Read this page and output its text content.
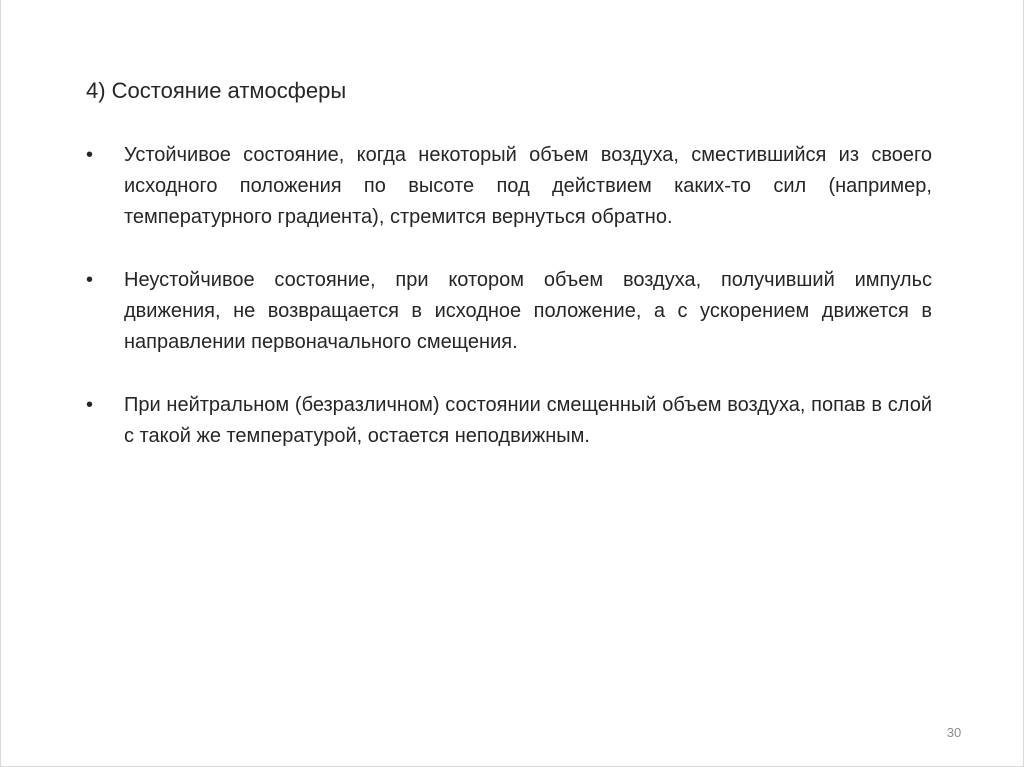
4) Состояние атмосферы
•	Устойчивое состояние, когда некоторый объем воздуха, сместившийся из своего исходного положения по высоте под действием каких-то сил (например, температурного градиента), стремится вернуться обратно.

•	Неустойчивое состояние, при котором объем воздуха, получивший импульс движения, не возвращается в исходное положение, а с ускорением движется в направлении первоначального смещения.

•	При нейтральном (безразличном) состоянии смещенный объем воздуха, попав в слой с такой же температурой, остается неподвижным.

30
